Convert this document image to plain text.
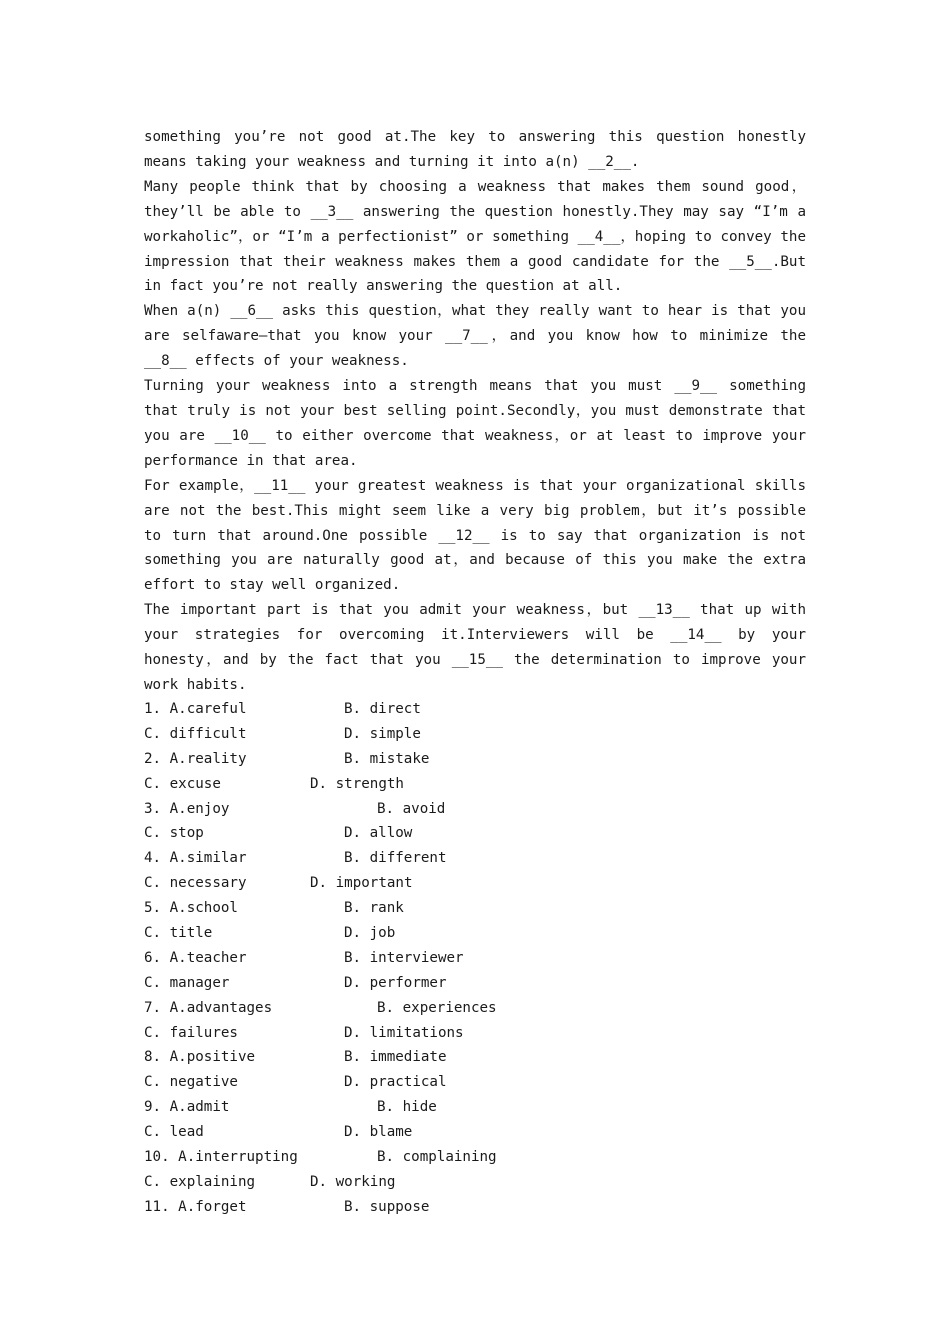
something you’re not good at.The key to answering this question honestly means taking your weakness and turning it into a(n) __2__.

Many people think that by choosing a weakness that makes them sound good，they’ll be able to __3__ answering the question honestly.They may say “I’m a workaholic”，or “I’m a perfectionist” or something __4__，hoping to convey the impression that their weakness makes them a good candidate for the __5__.But in fact you’re not really answering the question at all.

When a(n) __6__ asks this question，what they really want to hear is that you are selfaware—that you know your __7__，and you know how to minimize the __8__ effects of your weakness.

Turning your weakness into a strength means that you must __9__ something that truly is not your best selling point.Secondly，you must demonstrate that you are __10__ to either overcome that weakness，or at least to improve your performance in that area.

For example，__11__ your greatest weakness is that your organizational skills are not the best.This might seem like a very big problem，but it’s possible to turn that around.One possible __12__ is to say that organization is not something you are naturally good at，and because of this you make the extra effort to stay well organized.

The important part is that you admit your weakness，but __13__ that up with your strategies for overcoming it.Interviewers will be __14__ by your honesty，and by the fact that you __15__ the determination to improve your work habits.

1. A.careful

	B. direct

C. difficult

	D. simple

2. A.reality

	B. mistake

C. excuse

	D. strength

3. A.enjoy

	B. avoid

C. stop

	D. allow

4. A.similar

	B. different

C. necessary

	D. important

5. A.school

	B. rank

C. title

	D. job

6. A.teacher

	B. interviewer

C. manager

	D. performer

7. A.advantages

	B. experiences

C. failures

	D. limitations

8. A.positive

	B. immediate

C. negative

	D. practical

9. A.admit

	B. hide

C. lead

	D. blame

10. A.interrupting

	B. complaining

C. explaining

	D. working

11. A.forget

	B. suppose
